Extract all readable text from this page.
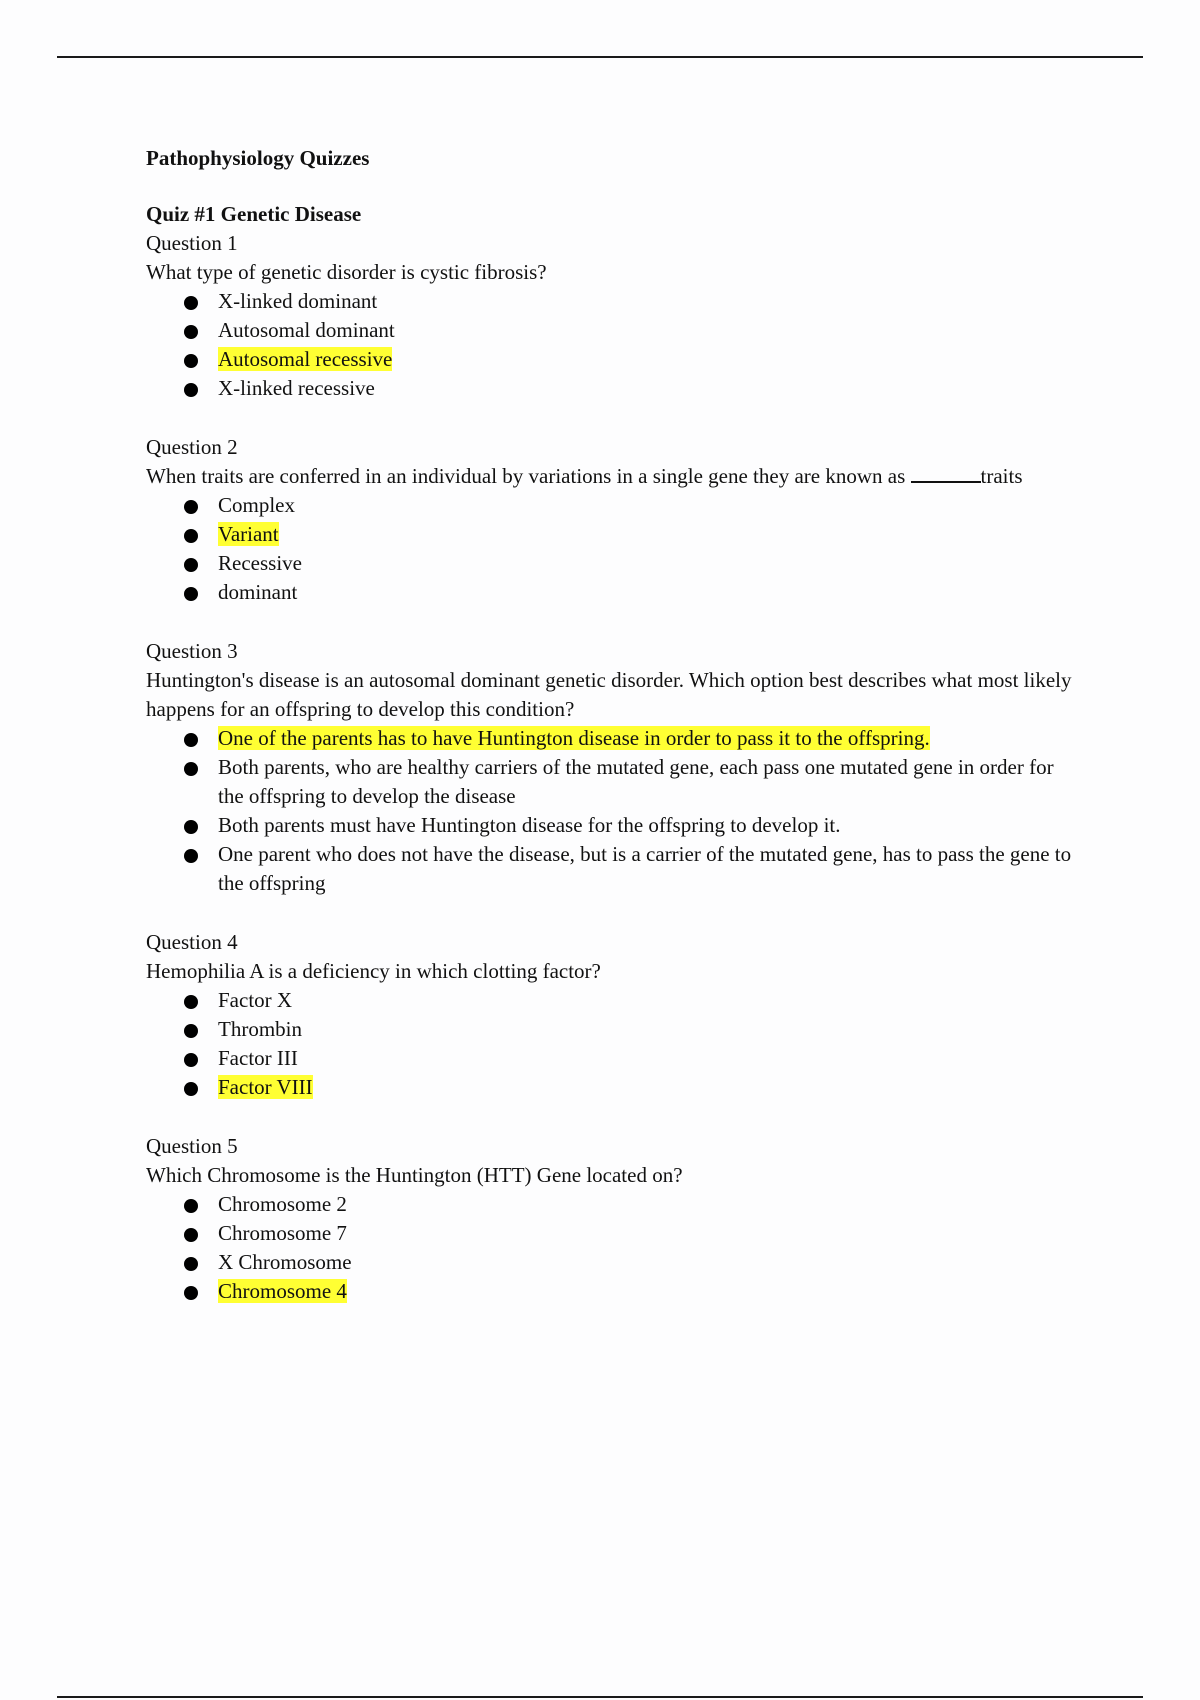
Pathophysiology Quizzes

Quiz #1 Genetic Disease

Question 1

What type of genetic disorder is cystic fibrosis?

X-linked dominant
Autosomal dominant
Autosomal recessive
X-linked recessive

Question 2

When traits are conferred in an individual by variations in a single gene they are known as	traits

Complex
Variant
Recessive
dominant

Question 3

Huntington's disease is an autosomal dominant genetic disorder. Which option best describes what most likely happens for an offspring to develop this condition?

One of the parents has to have Huntington disease in order to pass it to the offspring.
Both parents, who are healthy carriers of the mutated gene, each pass one mutated gene in order for the offspring to develop the disease
Both parents must have Huntington disease for the offspring to develop it.
One parent who does not have the disease, but is a carrier of the mutated gene, has to pass the gene to the offspring

Question 4

Hemophilia A is a deficiency in which clotting factor?

Factor X
Thrombin
Factor III
Factor VIII

Question 5

Which Chromosome is the Huntington (HTT) Gene located on?

Chromosome 2
Chromosome 7
X Chromosome
Chromosome 4
